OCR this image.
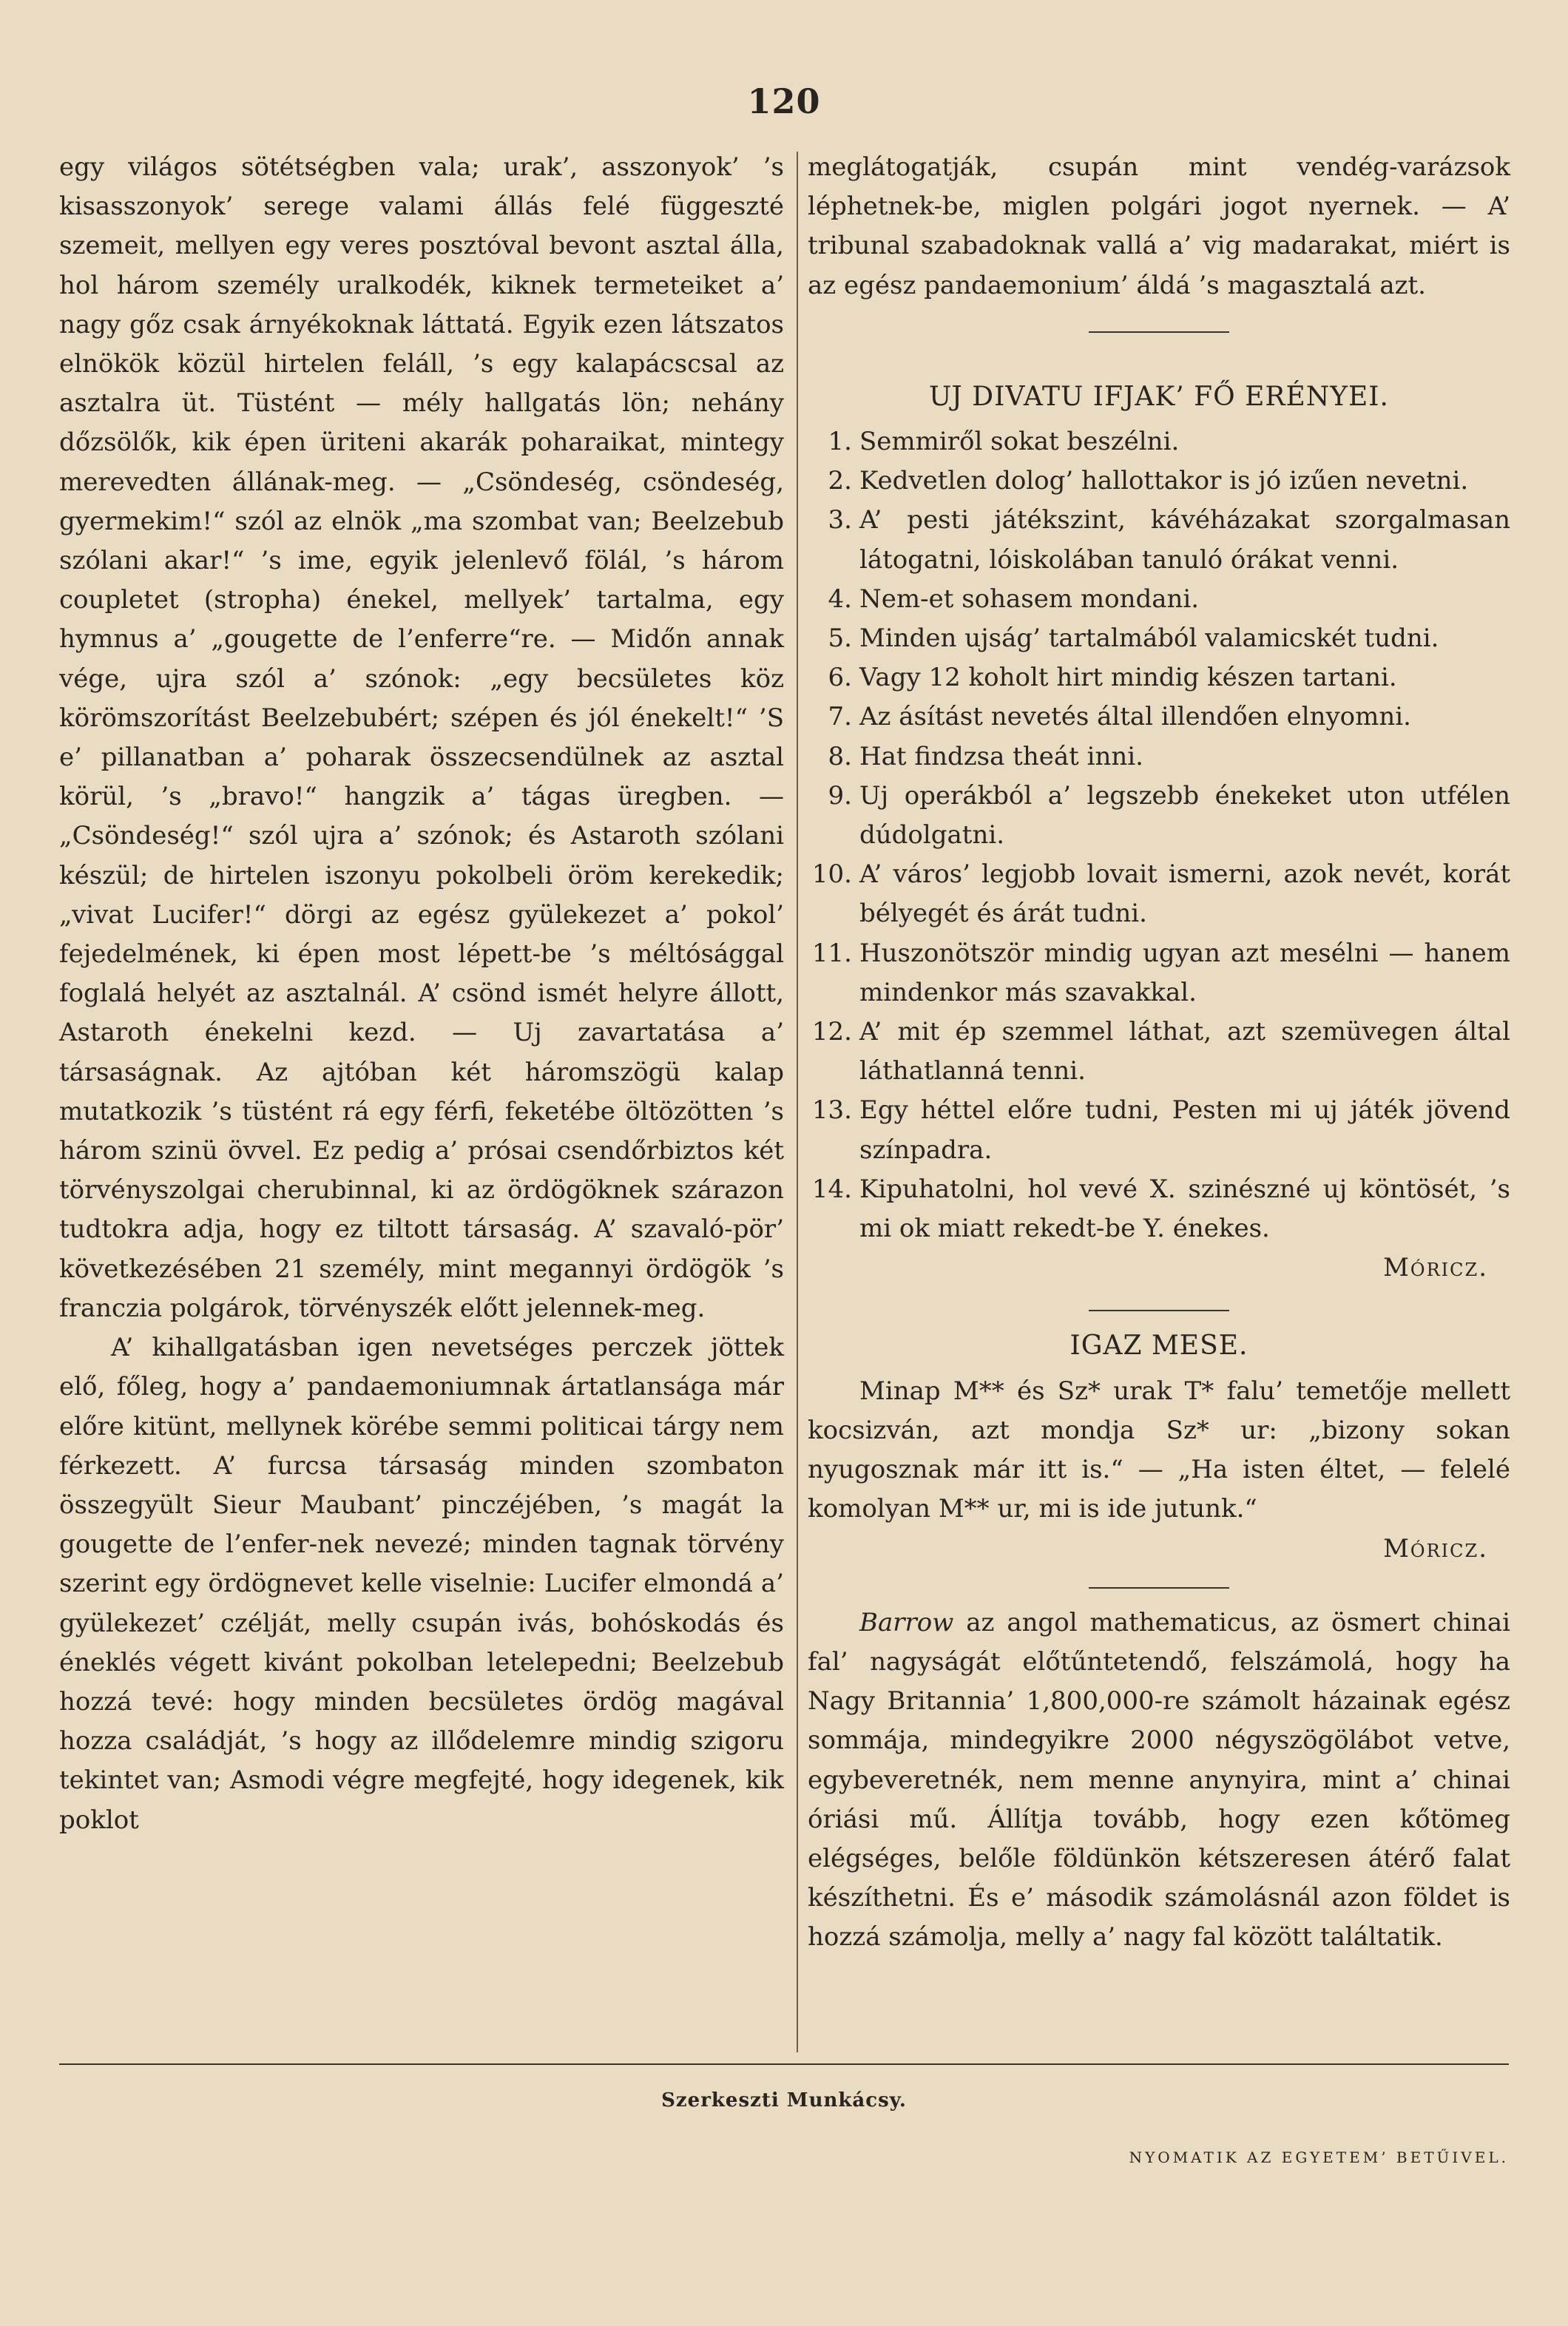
120

egy világos sötétségben vala; urak’, asszonyok’ ’s kisasszonyok’ serege valami állás felé függeszté szemeit, mellyen egy veres posztóval bevont asztal álla, hol három személy uralkodék, kiknek termeteiket a’ nagy gőz csak árnyékoknak láttatá. Egyik ezen látszatos elnökök közül hirtelen feláll, ’s egy kalapácscsal az asztalra üt. Tüstént — mély hallgatás lön; nehány dőzsölők, kik épen üriteni akarák poharaikat, mintegy merevedten állának-meg. — „Csöndeség, csöndeség, gyermekim!“ szól az elnök „ma szombat van; Beelzebub szólani akar!“ ’s ime, egyik jelenlevő fölál, ’s három coupletet (stropha) énekel, mellyek’ tartalma, egy hymnus a’ „gougette de l’enferre“re. — Midőn annak vége, ujra szól a’ szónok: „egy becsületes köz körömszorítást Beelzebubért; szépen és jól énekelt!“ ’S e’ pillanatban a’ poharak összecsendülnek az asztal körül, ’s „bravo!“ hangzik a’ tágas üregben. — „Csöndeség!“ szól ujra a’ szónok; és Astaroth szólani készül; de hirtelen iszonyu pokolbeli öröm kerekedik; „vivat Lucifer!“ dörgi az egész gyülekezet a’ pokol’ fejedelmének, ki épen most lépett-be ’s méltósággal foglalá helyét az asztalnál. A’ csönd ismét helyre állott, Astaroth énekelni kezd. — Uj zavartatása a’ társaságnak. Az ajtóban két háromszögü kalap mutatkozik ’s tüstént rá egy férfi, feketébe öltözötten ’s három szinü övvel. Ez pedig a’ prósai csendőrbiztos két törvényszolgai cherubinnal, ki az ördögöknek szárazon tudtokra adja, hogy ez tiltott társaság. A’ szavaló-pör’ következésében 21 személy, mint megannyi ördögök ’s franczia polgárok, törvényszék előtt jelennek-meg.

A’ kihallgatásban igen nevetséges perczek jöttek elő, főleg, hogy a’ pandaemoniumnak ártatlansága már előre kitünt, mellynek körébe semmi politicai tárgy nem férkezett. A’ furcsa társaság minden szombaton összegyült Sieur Maubant’ pinczéjében, ’s magát la gougette de l’enfer-nek nevezé; minden tagnak törvény szerint egy ördögnevet kelle viselnie: Lucifer elmondá a’ gyülekezet’ czélját, melly csupán ivás, bohóskodás és éneklés végett kivánt pokolban letelepedni; Beelzebub hozzá tevé: hogy minden becsületes ördög magával hozza családját, ’s hogy az illődelemre mindig szigoru tekintet van; Asmodi végre megfejté, hogy idegenek, kik poklot

meglátogatják, csupán mint vendég-varázsok léphetnek-be, miglen polgári jogot nyernek. — A’ tribunal szabadoknak vallá a’ vig madarakat, miért is az egész pandaemonium’ áldá ’s magasztalá azt.

UJ DIVATU IFJAK’ FŐ ERÉNYEI.
1. Semmiről sokat beszélni.
2. Kedvetlen dolog’ hallottakor is jó izűen nevetni.
3. A’ pesti játékszint, kávéházakat szorgalmasan látogatni, lóiskolában tanuló órákat venni.
4. Nem-et sohasem mondani.
5. Minden ujság’ tartalmából valamicskét tudni.
6. Vagy 12 koholt hirt mindig készen tartani.
7. Az ásítást nevetés által illendően elnyomni.
8. Hat findzsa theát inni.
9. Uj operákból a’ legszebb énekeket uton utfélen dúdolgatni.
10. A’ város’ legjobb lovait ismerni, azok nevét, korát bélyegét és árát tudni.
11. Huszonötször mindig ugyan azt mesélni — hanem mindenkor más szavakkal.
12. A’ mit ép szemmel láthat, azt szemüvegen által láthatlanná tenni.
13. Egy héttel előre tudni, Pesten mi uj játék jövend színpadra.
14. Kipuhatolni, hol vevé X. szinészné uj köntösét, ’s mi ok miatt rekedt-be Y. énekes.
Móricz.
IGAZ MESE.

Minap M** és Sz* urak T* falu’ temetője mellett kocsizván, azt mondja Sz* ur: „bizony sokan nyugosznak már itt is.“ — „Ha isten éltet, — felelé komolyan M** ur, mi is ide jutunk.“

Móricz.

Barrow az angol mathematicus, az ösmert chinai fal’ nagyságát előtűntetendő, felszámolá, hogy ha Nagy Britannia’ 1,800,000-re számolt házainak egész sommája, mindegyikre 2000 négyszögölábot vetve, egybeveretnék, nem menne anynyira, mint a’ chinai óriási mű. Állítja tovább, hogy ezen kőtömeg elégséges, belőle földünkön kétszeresen átérő falat készíthetni. És e’ második számolásnál azon földet is hozzá számolja, melly a’ nagy fal között találtatik.

Szerkeszti Munkácsy.
NYOMATIK AZ EGYETEM’ BETŰIVEL.
